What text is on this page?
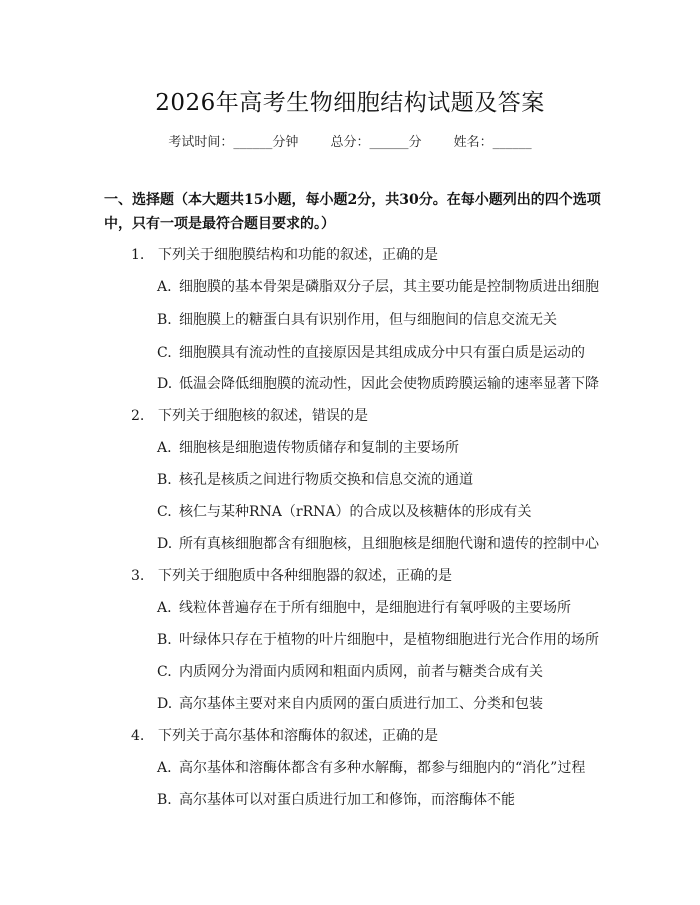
2026年高考生物细胞结构试题及答案
考试时间：______分钟 总分：______分 姓名：______
一、选择题（本大题共15小题，每小题2分，共30分。在每小题列出的四个选项中，只有一项是最符合题目要求的。）
1. 下列关于细胞膜结构和功能的叙述，正确的是
A. 细胞膜的基本骨架是磷脂双分子层，其主要功能是控制物质进出细胞
B. 细胞膜上的糖蛋白具有识别作用，但与细胞间的信息交流无关
C. 细胞膜具有流动性的直接原因是其组成成分中只有蛋白质是运动的
D. 低温会降低细胞膜的流动性，因此会使物质跨膜运输的速率显著下降
2. 下列关于细胞核的叙述，错误的是
A. 细胞核是细胞遗传物质储存和复制的主要场所
B. 核孔是核质之间进行物质交换和信息交流的通道
C. 核仁与某种RNA（rRNA）的合成以及核糖体的形成有关
D. 所有真核细胞都含有细胞核，且细胞核是细胞代谢和遗传的控制中心
3. 下列关于细胞质中各种细胞器的叙述，正确的是
A. 线粒体普遍存在于所有细胞中，是细胞进行有氧呼吸的主要场所
B. 叶绿体只存在于植物的叶片细胞中，是植物细胞进行光合作用的场所
C. 内质网分为滑面内质网和粗面内质网，前者与糖类合成有关
D. 高尔基体主要对来自内质网的蛋白质进行加工、分类和包装
4. 下列关于高尔基体和溶酶体的叙述，正确的是
A. 高尔基体和溶酶体都含有多种水解酶，都参与细胞内的“消化”过程
B. 高尔基体可以对蛋白质进行加工和修饰，而溶酶体不能
